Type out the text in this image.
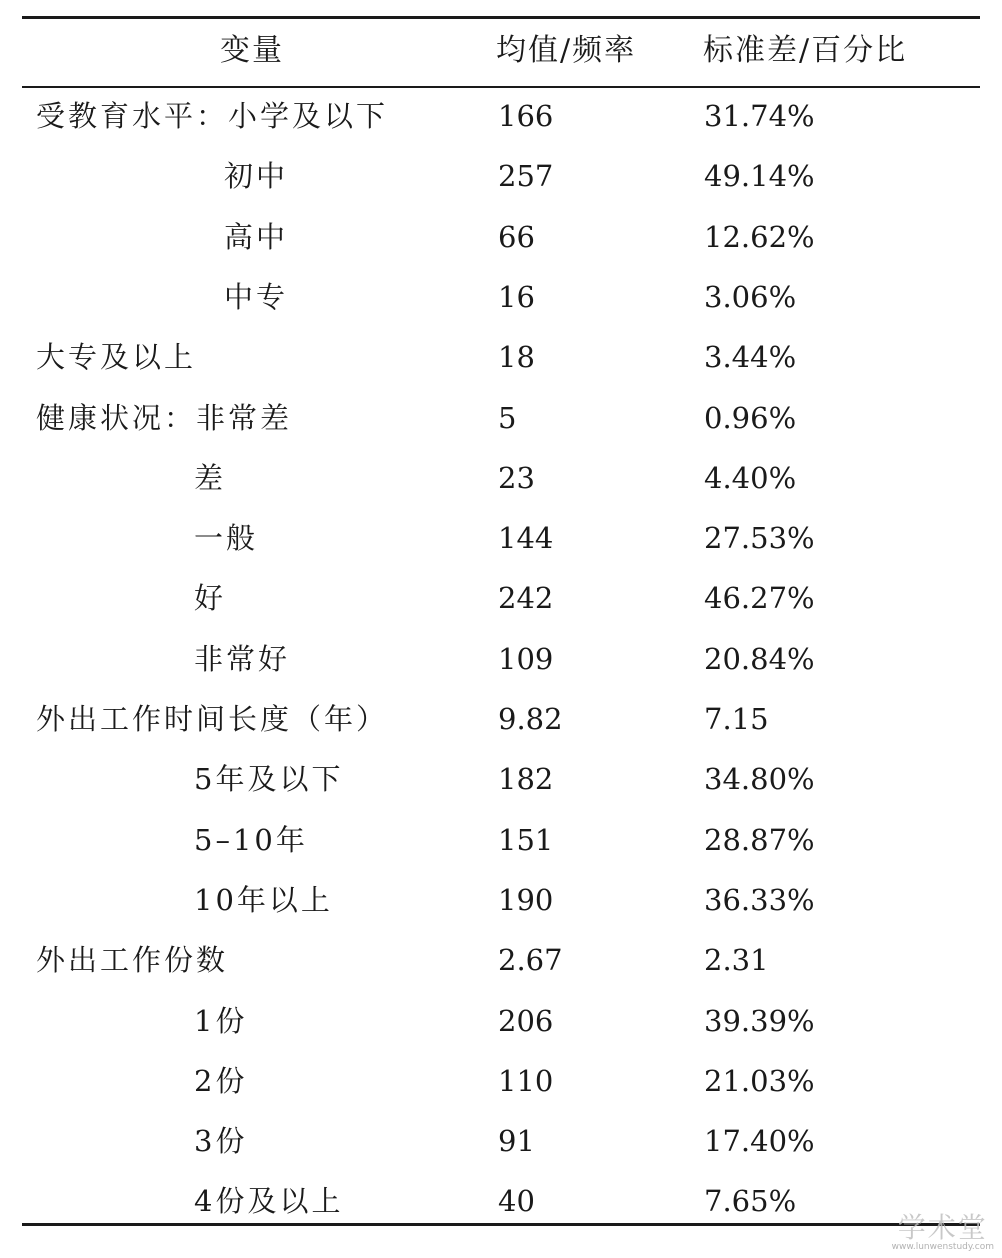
变量	均值/频率 标准差/百分比
受教育水平：小学及以下	166	31.74%
初中	257	49.14%
高中	66	12.62%
中专	16	3.06%
大专及以上	18	3.44%
健康状况：非常差	5	0.96%
差	23	4.40%
一般	144	27.53%
好	242	46.27%
非常好	109	20.84%
外出工作时间长度（年）	9.82	7.15
5年及以下	182	34.80%
5–10年	151	28.87%
10年以上	190	36.33%
外出工作份数	2.67	2.31
1份	206	39.39%
2份	110	21.03%
3份	91	17.40%
4份及以上	40	7.65%
学术堂
www.lunwenstudy.com
